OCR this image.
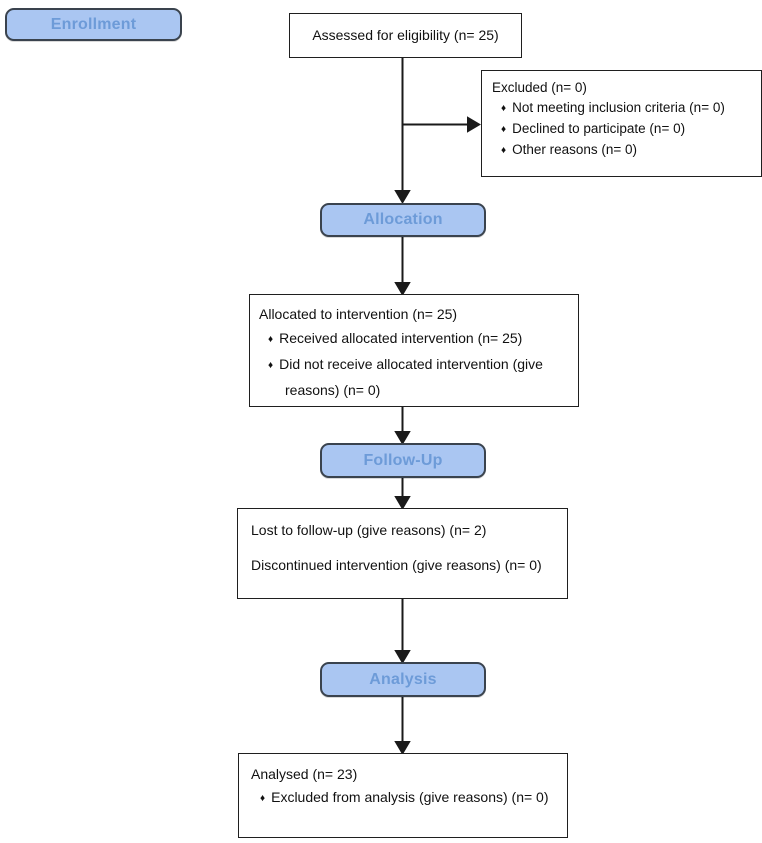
Enrollment
Allocation
Follow-Up
Analysis
Assessed for eligibility (n= 25)
Excluded (n= 0)
♦ Not meeting inclusion criteria (n= 0)
♦ Declined to participate (n= 0)
♦ Other reasons (n= 0)
Allocated to intervention (n= 25)
♦ Received allocated intervention (n= 25)
♦ Did not receive allocated intervention (give reasons) (n= 0)
Lost to follow-up (give reasons) (n= 2)
Discontinued intervention (give reasons) (n= 0)
Analysed (n= 23)
♦ Excluded from analysis (give reasons) (n= 0)
